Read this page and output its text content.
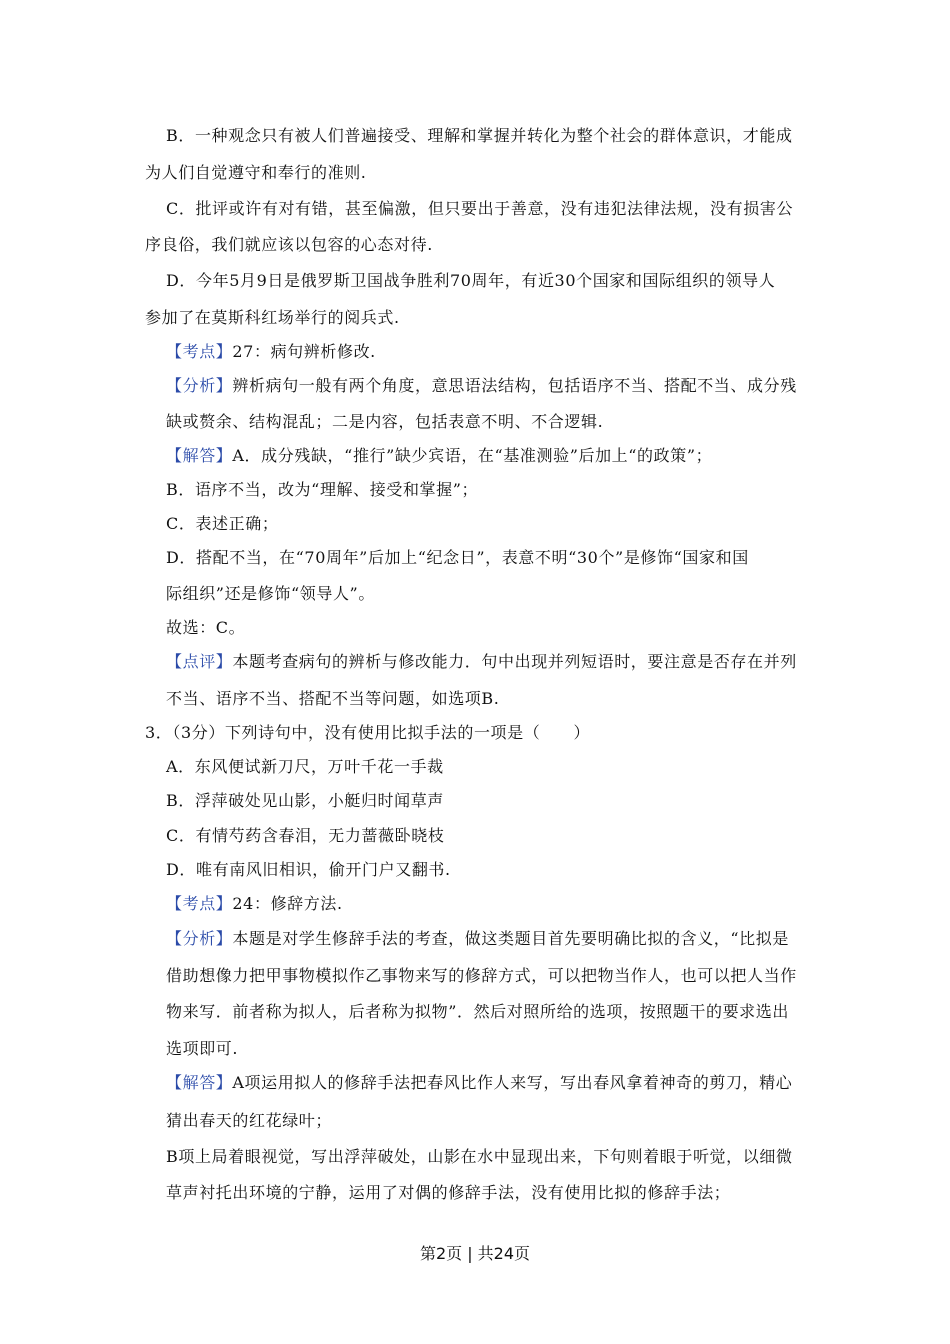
B．一种观念只有被人们普遍接受、理解和掌握并转化为整个社会的群体意识，才能成
为人们自觉遵守和奉行的准则.
C．批评或许有对有错，甚至偏激，但只要出于善意，没有违犯法律法规，没有损害公
序良俗，我们就应该以包容的心态对待.
D．今年5月9日是俄罗斯卫国战争胜利70周年，有近30个国家和国际组织的领导人
参加了在莫斯科红场举行的阅兵式.
【考点】27：病句辨析修改.
【分析】辨析病句一般有两个角度，意思语法结构，包括语序不当、搭配不当、成分残
缺或赘余、结构混乱；二是内容，包括表意不明、不合逻辑.
【解答】A．成分残缺，“推行”缺少宾语，在“基准测验”后加上“的政策”；
B．语序不当，改为“理解、接受和掌握”；
C．表述正确；
D．搭配不当，在“70周年”后加上“纪念日”，表意不明“30个”是修饰“国家和国
际组织”还是修饰“领导人”。
故选：C。
【点评】本题考查病句的辨析与修改能力．句中出现并列短语时，要注意是否存在并列
不当、语序不当、搭配不当等问题，如选项B.
3．（3分）下列诗句中，没有使用比拟手法的一项是（　　）
A．东风便试新刀尺，万叶千花一手裁
B．浮萍破处见山影，小艇归时闻草声
C．有情芍药含春泪，无力蔷薇卧晓枝
D．唯有南风旧相识，偷开门户又翻书.
【考点】24：修辞方法.
【分析】本题是对学生修辞手法的考查，做这类题目首先要明确比拟的含义，“比拟是
借助想像力把甲事物模拟作乙事物来写的修辞方式，可以把物当作人，也可以把人当作
物来写．前者称为拟人，后者称为拟物”．然后对照所给的选项，按照题干的要求选出
选项即可.
【解答】A项运用拟人的修辞手法把春风比作人来写，写出春风拿着神奇的剪刀，精心
猜出春天的红花绿叶；
B项上局着眼视觉，写出浮萍破处，山影在水中显现出来，下句则着眼于听觉，以细微
草声衬托出环境的宁静，运用了对偶的修辞手法，没有使用比拟的修辞手法；
第2页 | 共24页
